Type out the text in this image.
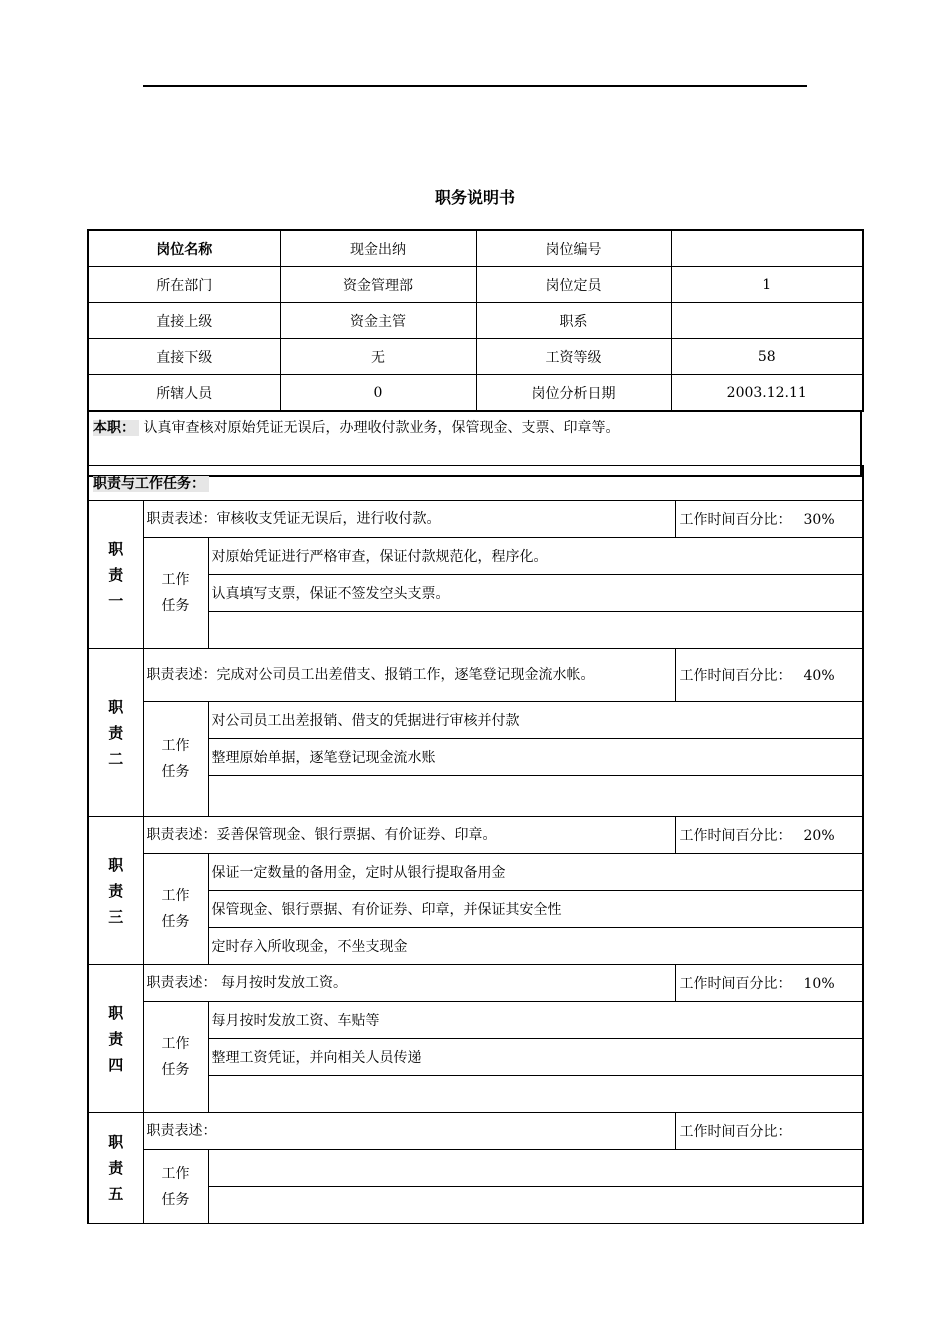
职务说明书
岗位名称	现金出纳	岗位编号	
所在部门	资金管理部	岗位定员	1
直接上级	资金主管	职系	
直接下级	无	工资等级	58
所辖人员	0	岗位分析日期	2003.12.11
本职： 认真审查核对原始凭证无误后，办理收付款业务，保管现金、支票、印章等。
职责与工作任务：			

职
责
一	职责表述：审核收支凭证无误后，进行收付款。		工作时间百分比： 30%

	工作
任务	对原始凭证进行严格审查，保证付款规范化，程序化。	
		认真填写支票，保证不签发空头支票。	

职
责
二	职责表述：完成对公司员工出差借支、报销工作，逐笔登记现金流水帐。		工作时间百分比： 40%

	工作
任务	对公司员工出差报销、借支的凭据进行审核并付款	
		整理原始单据，逐笔登记现金流水账	

职
责
三	职责表述：妥善保管现金、银行票据、有价证券、印章。		工作时间百分比： 20%

	工作
任务	保证一定数量的备用金，定时从银行提取备用金	
		保管现金、银行票据、有价证券、印章，并保证其安全性	
		定时存入所收现金，不坐支现金	

职
责
四	职责表述： 每月按时发放工资。		工作时间百分比： 10%

	工作
任务	每月按时发放工资、车贴等	
		整理工资凭证，并向相关人员传递	

职
责
五	职责表述：		工作时间百分比：

	工作
任务		
